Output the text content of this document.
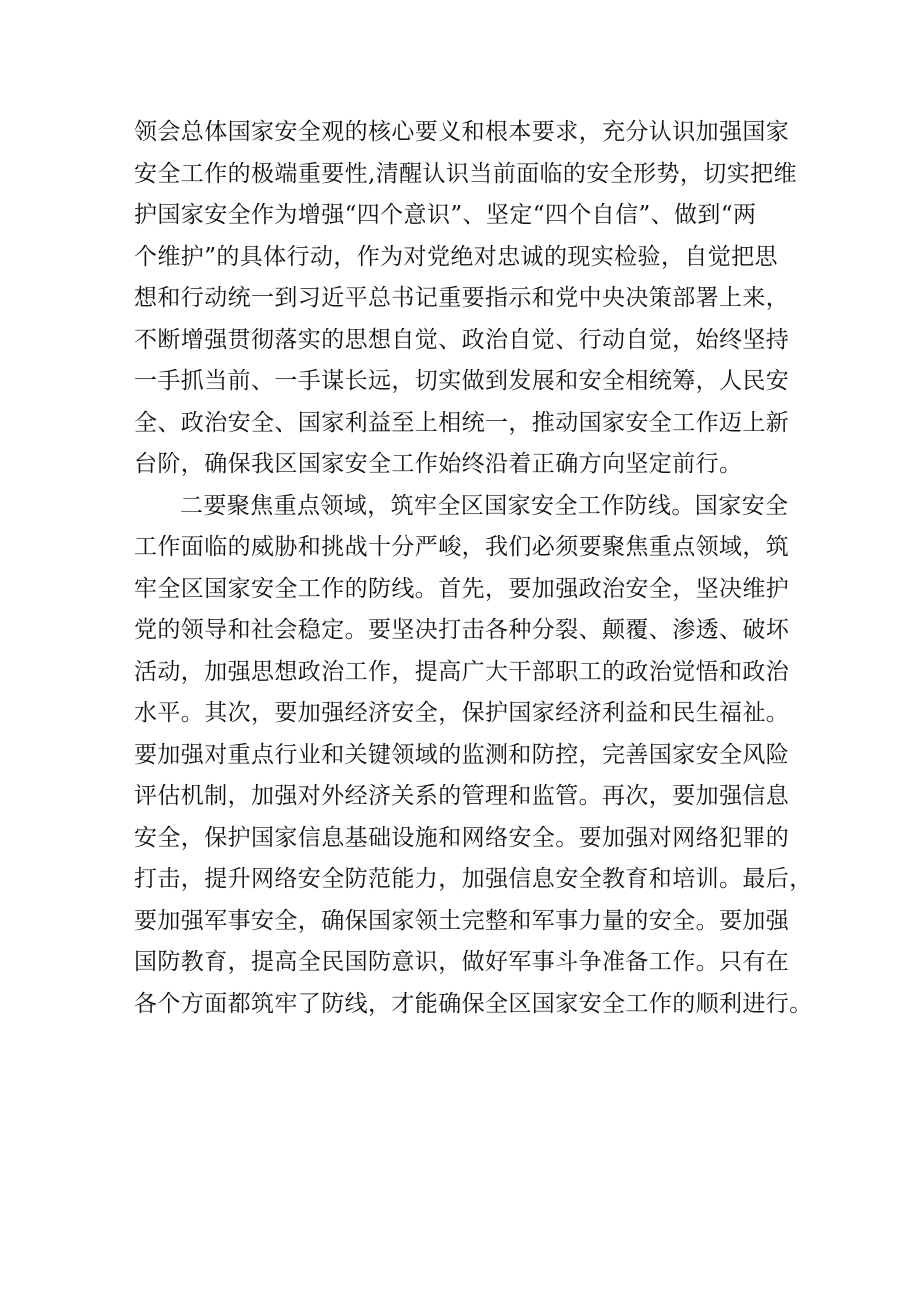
领会总体国家安全观的核心要义和根本要求，充分认识加强国家
安全工作的极端重要性,清醒认识当前面临的安全形势，切实把维
护国家安全作为增强“四个意识”、坚定“四个自信”、做到“两
个维护”的具体行动，作为对党绝对忠诚的现实检验，自觉把思
想和行动统一到习近平总书记重要指示和党中央决策部署上来，
不断增强贯彻落实的思想自觉、政治自觉、行动自觉，始终坚持
一手抓当前、一手谋长远，切实做到发展和安全相统筹，人民安
全、政治安全、国家利益至上相统一，推动国家安全工作迈上新
台阶，确保我区国家安全工作始终沿着正确方向坚定前行。
二要聚焦重点领域，筑牢全区国家安全工作防线。国家安全
工作面临的威胁和挑战十分严峻，我们必须要聚焦重点领域，筑
牢全区国家安全工作的防线。首先，要加强政治安全，坚决维护
党的领导和社会稳定。要坚决打击各种分裂、颠覆、渗透、破坏
活动，加强思想政治工作，提高广大干部职工的政治觉悟和政治
水平。其次，要加强经济安全，保护国家经济利益和民生福祉。
要加强对重点行业和关键领域的监测和防控，完善国家安全风险
评估机制，加强对外经济关系的管理和监管。再次，要加强信息
安全，保护国家信息基础设施和网络安全。要加强对网络犯罪的
打击，提升网络安全防范能力，加强信息安全教育和培训。最后，
要加强军事安全，确保国家领土完整和军事力量的安全。要加强
国防教育，提高全民国防意识，做好军事斗争准备工作。只有在
各个方面都筑牢了防线，才能确保全区国家安全工作的顺利进行。
